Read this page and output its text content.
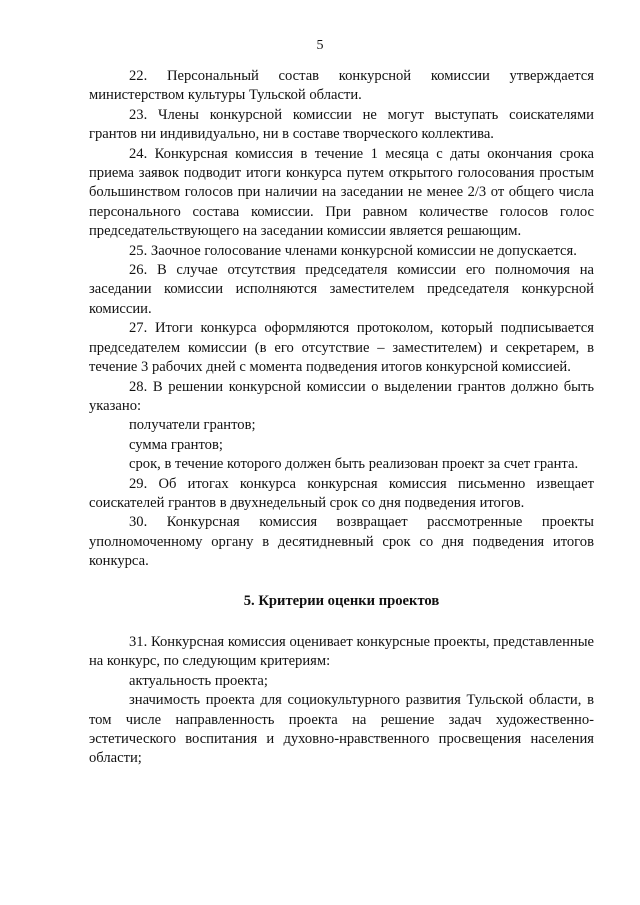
5

22. Персональный состав конкурсной комиссии утверждается министерством культуры Тульской области.

23. Члены конкурсной комиссии не могут выступать соискателями грантов ни индивидуально, ни в составе творческого коллектива.

24. Конкурсная комиссия в течение 1 месяца с даты окончания срока приема заявок подводит итоги конкурса путем открытого голосования простым большинством голосов при наличии на заседании не менее 2/3 от общего числа персонального состава комиссии. При равном количестве голосов голос председательствующего на заседании комиссии является решающим.

25. Заочное голосование членами конкурсной комиссии не допускается.

26. В случае отсутствия председателя комиссии его полномочия на заседании комиссии исполняются заместителем председателя конкурсной комиссии.

27. Итоги конкурса оформляются протоколом, который подписывается председателем комиссии (в его отсутствие – заместителем) и секретарем, в течение 3 рабочих дней с момента подведения итогов конкурсной комиссией.

28. В решении конкурсной комиссии о выделении грантов должно быть указано:

получатели грантов;

сумма грантов;

срок, в течение которого должен быть реализован проект за счет гранта.

29. Об итогах конкурса конкурсная комиссия письменно извещает соискателей грантов в двухнедельный срок со дня подведения итогов.

30. Конкурсная комиссия возвращает рассмотренные проекты уполномоченному органу в десятидневный срок со дня подведения итогов конкурса.

5. Критерии оценки проектов

31. Конкурсная комиссия оценивает конкурсные проекты, представленные на конкурс, по следующим критериям:

актуальность проекта;

значимость проекта для социокультурного развития Тульской области, в том числе направленность проекта на решение задач художественно-эстетического воспитания и духовно-нравственного просвещения населения области;
